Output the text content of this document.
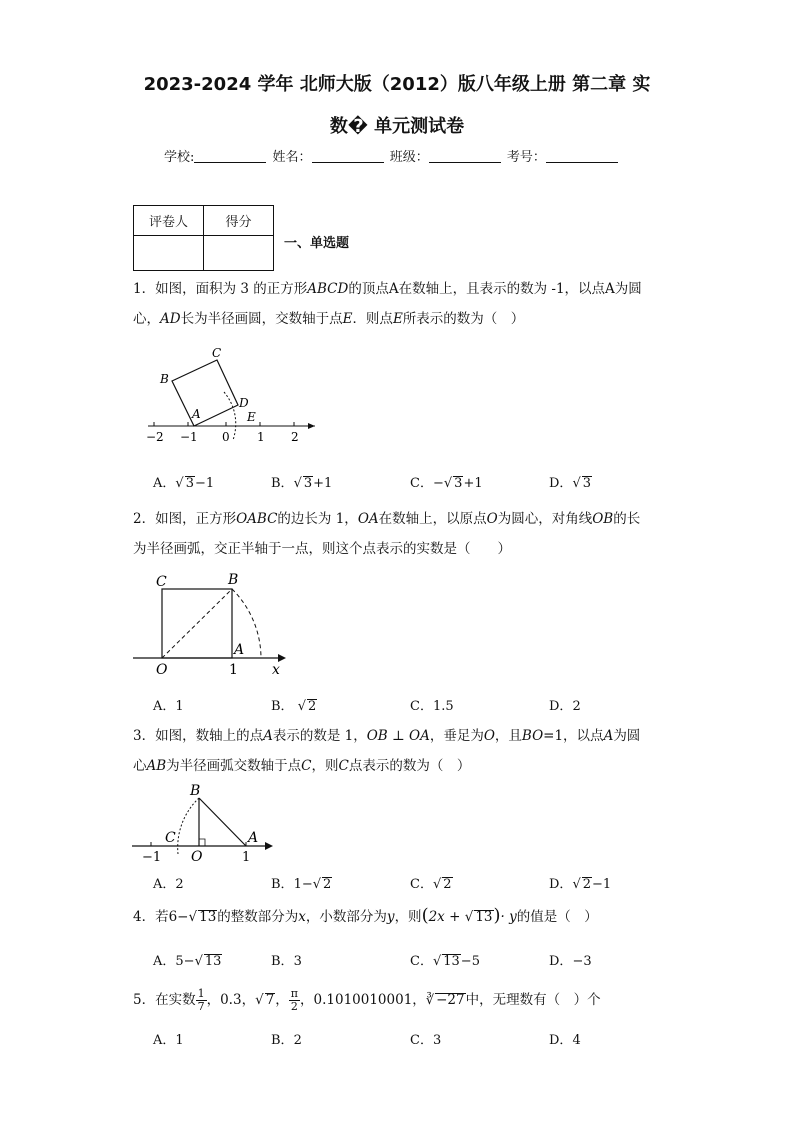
2023-2024 学年 北师大版（2012）版八年级上册 第二章 实
数� 单元测试卷
学校:	姓名：	班级：	考号：
评卷人	得分

一、单选题
1．如图，面积为 3 的正方形ABCD的顶点A在数轴上，且表示的数为 -1，以点A为圆
心，AD长为半径画圆，交数轴于点E．则点E所表示的数为（　）
B
C
D
A	E
−2 −1 0 1 2
A．√ 3−1	B．√ 3+1	C．−√ 3+1	D．√ 3
2．如图，正方形OABC的边长为 1，OA在数轴上，以原点O为圆心，对角线OB的长
为半径画弧，交正半轴于一点，则这个点表示的实数是（　　）
C	B
A
O	1 x
A．1	B． √ 2	C．1.5	D．2
3．如图，数轴上的点A表示的数是 1，OB ⊥ OA，垂足为O，且BO=1，以点A为圆
心AB为半径画弧交数轴于点C，则C点表示的数为（　）
B
C	A
−1 O	1
A．2	B．1−√ 2	C．√ 2	D．√ 2−1
4．若6−√ 13的整数部分为x，小数部分为y，则(2x + √ 13)· y的值是（　）
A．5−√ 13	B．3	C．√ 13−5	D．−3
5．在实数 $\frac{1}{7}$ ，0.3，√ 7， $\frac{\pi}{2}$ ，0.1010010001，∛ −27中，无理数有（　）个
A．1	B．2	C．3	D．4
